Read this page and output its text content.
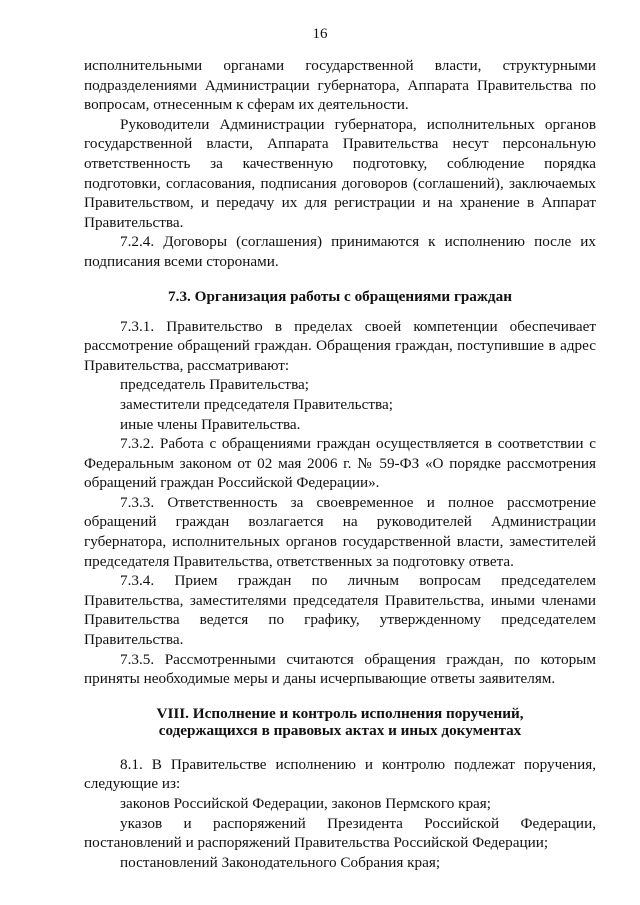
16

исполнительными органами государственной власти, структурными подразделениями Администрации губернатора, Аппарата Правительства по вопросам, отнесенным к сферам их деятельности.

Руководители Администрации губернатора, исполнительных органов государственной власти, Аппарата Правительства несут персональную ответственность за качественную подготовку, соблюдение порядка подготовки, согласования, подписания договоров (соглашений), заключаемых Правительством, и передачу их для регистрации и на хранение в Аппарат Правительства.

7.2.4. Договоры (соглашения) принимаются к исполнению после их подписания всеми сторонами.

7.3. Организация работы с обращениями граждан

7.3.1. Правительство в пределах своей компетенции обеспечивает рассмотрение обращений граждан. Обращения граждан, поступившие в адрес Правительства, рассматривают:

председатель Правительства;

заместители председателя Правительства;

иные члены Правительства.

7.3.2. Работа с обращениями граждан осуществляется в соответствии с Федеральным законом от 02 мая 2006 г. № 59-ФЗ «О порядке рассмотрения обращений граждан Российской Федерации».

7.3.3. Ответственность за своевременное и полное рассмотрение обращений граждан возлагается на руководителей Администрации губернатора, исполнительных органов государственной власти, заместителей председателя Правительства, ответственных за подготовку ответа.

7.3.4. Прием граждан по личным вопросам председателем Правительства, заместителями председателя Правительства, иными членами Правительства ведется по графику, утвержденному председателем Правительства.

7.3.5. Рассмотренными считаются обращения граждан, по которым приняты необходимые меры и даны исчерпывающие ответы заявителям.

VIII. Исполнение и контроль исполнения поручений,
содержащихся в правовых актах и иных документах

8.1. В Правительстве исполнению и контролю подлежат поручения, следующие из:

законов Российской Федерации, законов Пермского края;

указов и распоряжений Президента Российской Федерации, постановлений и распоряжений Правительства Российской Федерации;

постановлений Законодательного Собрания края;
